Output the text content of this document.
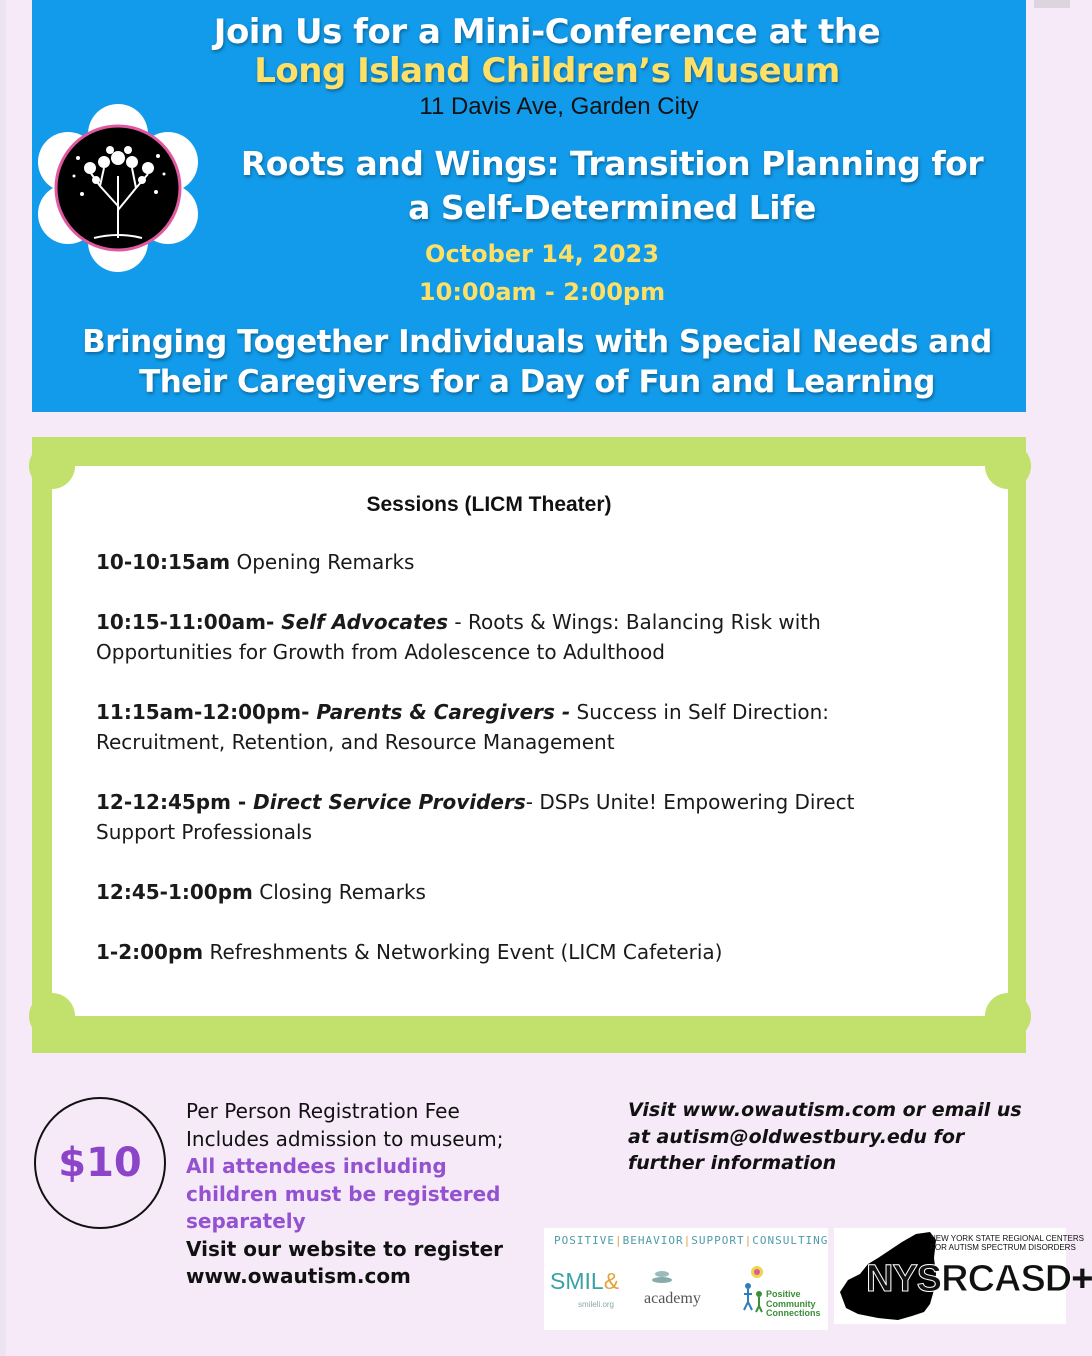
Join Us for a Mini-Conference at the

Long Island Children’s Museum

11 Davis Ave, Garden City

Roots and Wings: Transition Planning for
a Self-Determined Life

October 14, 2023

10:00am - 2:00pm

Bringing Together Individuals with Special Needs and
Their Caregivers for a Day of Fun and Learning

Sessions (LICM Theater)

10-10:15am Opening Remarks

10:15-11:00am- Self Advocates - Roots & Wings: Balancing Risk with Opportunities for Growth from Adolescence to Adulthood

11:15am-12:00pm- Parents & Caregivers - Success in Self Direction: Recruitment, Retention, and Resource Management

12-12:45pm - Direct Service Providers- DSPs Unite! Empowering Direct Support Professionals

12:45-1:00pm Closing Remarks

1-2:00pm Refreshments & Networking Event (LICM Cafeteria)

$10

Per Person Registration Fee

Includes admission to museum;

All attendees including

children must be registered

separately

Visit our website to register

www.owautism.com

Visit www.owautism.com or email us
at autism@oldwestbury.edu for
further information
POSITIVE|BEHAVIOR|SUPPORT|CONSULTING
SMIL&
smileli.org academy	Positive
Community
Connections
NEW YORK STATE REGIONAL CENTERS
FOR AUTISM SPECTRUM DISORDERS
NYSRCASD+
